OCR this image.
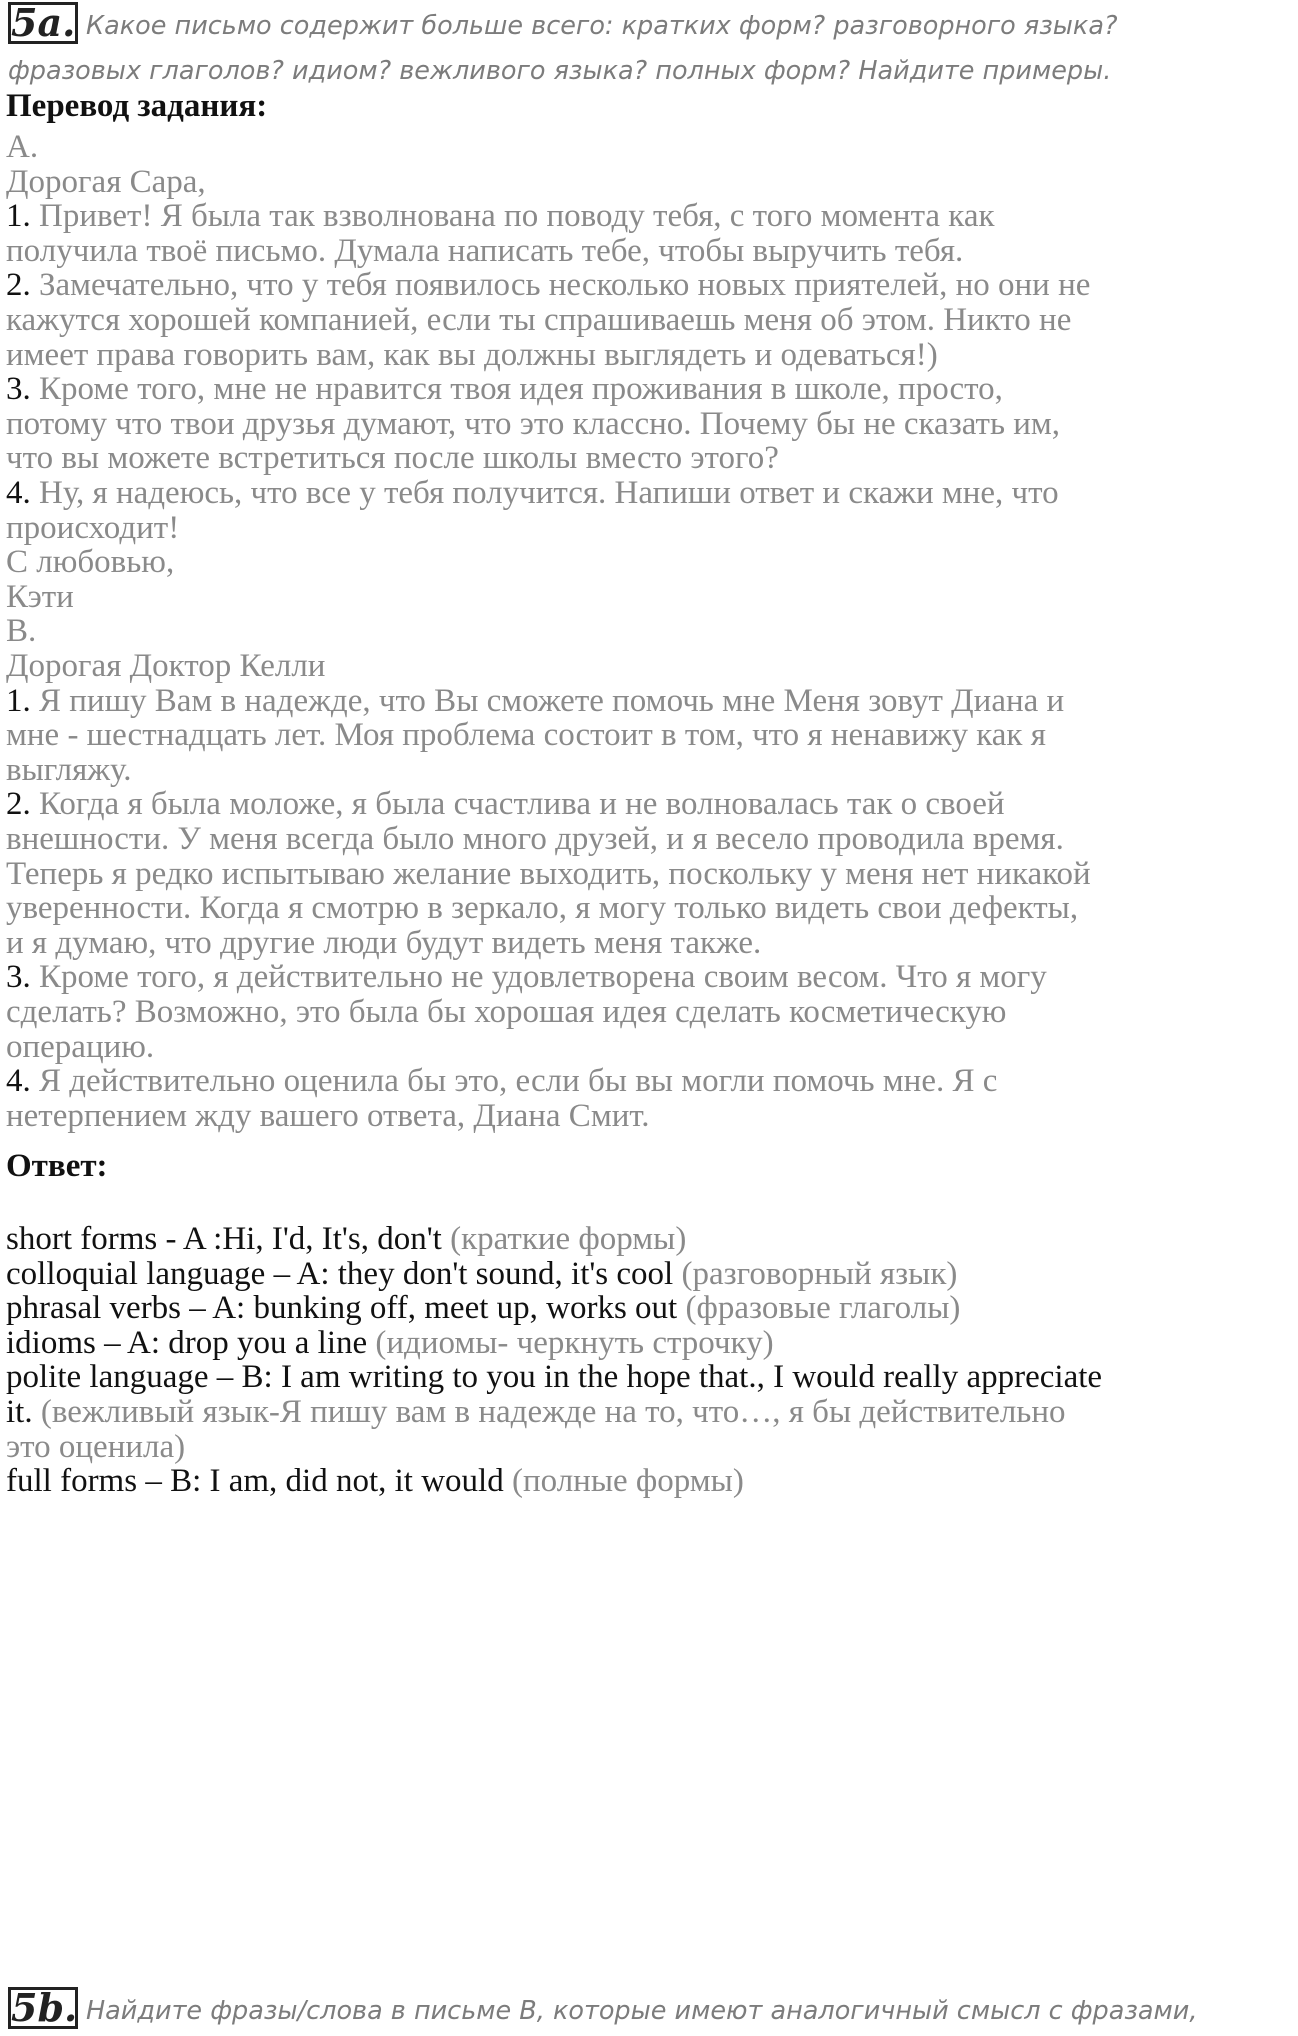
5a. Какое письмо содержит больше всего: кратких форм? разговорного языка?
фразовых глаголов? идиом? вежливого языка? полных форм? Найдите примеры.
Перевод задания:
A.
Дорогая Сара,
1. Привет! Я была так взволнована по поводу тебя, с того момента как
получила твоё письмо. Думала написать тебе, чтобы выручить тебя.
2. Замечательно, что у тебя появилось несколько новых приятелей, но они не
кажутся хорошей компанией, если ты спрашиваешь меня об этом. Никто не
имеет права говорить вам, как вы должны выглядеть и одеваться!)
3. Кроме того, мне не нравится твоя идея проживания в школе, просто,
потому что твои друзья думают, что это классно. Почему бы не сказать им,
что вы можете встретиться после школы вместо этого?
4. Ну, я надеюсь, что все у тебя получится. Напиши ответ и скажи мне, что
происходит!
С любовью,
Кэти
B.
Дорогая Доктор Келли
1. Я пишу Вам в надежде, что Вы сможете помочь мне Меня зовут Диана и
мне - шестнадцать лет. Моя проблема состоит в том, что я ненавижу как я
выгляжу.
2. Когда я была моложе, я была счастлива и не волновалась так о своей
внешности. У меня всегда было много друзей, и я весело проводила время.
Теперь я редко испытываю желание выходить, поскольку у меня нет никакой
уверенности. Когда я смотрю в зеркало, я могу только видеть свои дефекты,
и я думаю, что другие люди будут видеть меня также.
3. Кроме того, я действительно не удовлетворена своим весом. Что я могу
сделать? Возможно, это была бы хорошая идея сделать косметическую
операцию.
4. Я действительно оценила бы это, если бы вы могли помочь мне. Я с
нетерпением жду вашего ответа, Диана Смит.
Ответ:
short forms - A :Hi, I'd, It's, don't (краткие формы)
colloquial language – A: they don't sound, it's cool (разговорный язык)
phrasal verbs – A: bunking off, meet up, works out (фразовые глаголы)
idioms – A: drop you a line (идиомы- черкнуть строчку)
polite language – B: I am writing to you in the hope that., I would really appreciate
it. (вежливый язык-Я пишу вам в надежде на то, что…, я бы действительно
это оценила)
full forms – B: I am, did not, it would (полные формы)
5b. Найдите фразы/слова в письме B, которые имеют аналогичный смысл с фразами,
